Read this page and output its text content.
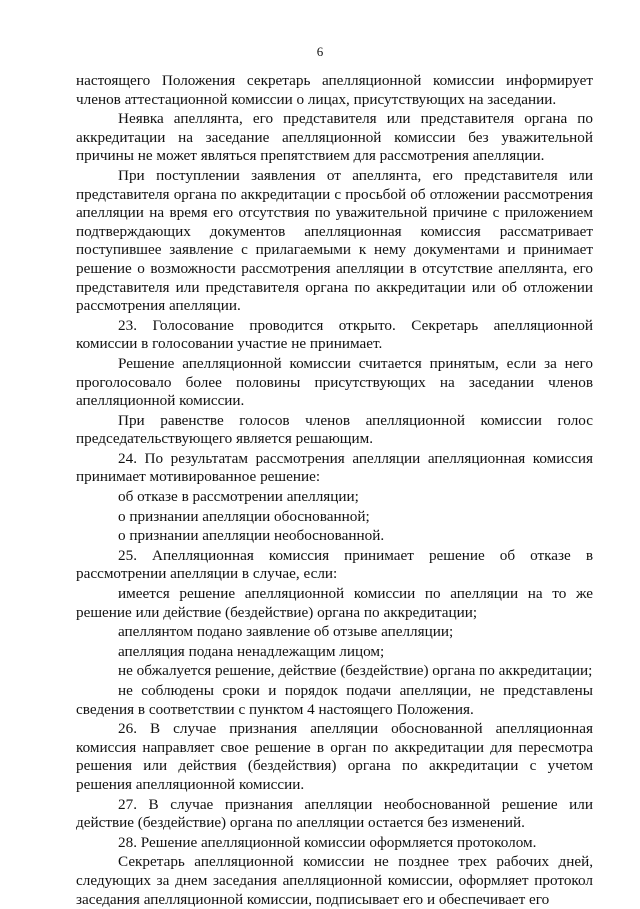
6

настоящего Положения секретарь апелляционной комиссии информирует членов аттестационной комиссии о лицах, присутствующих на заседании.

Неявка апеллянта, его представителя или представителя органа по аккредитации на заседание апелляционной комиссии без уважительной причины не может являться препятствием для рассмотрения апелляции.

При поступлении заявления от апеллянта, его представителя или представителя органа по аккредитации с просьбой об отложении рассмотрения апелляции на время его отсутствия по уважительной причине с приложением подтверждающих документов апелляционная комиссия рассматривает поступившее заявление с прилагаемыми к нему документами и принимает решение о возможности рассмотрения апелляции в отсутствие апеллянта, его представителя или представителя органа по аккредитации или об отложении рассмотрения апелляции.

23. Голосование проводится открыто. Секретарь апелляционной комиссии в голосовании участие не принимает.

Решение апелляционной комиссии считается принятым, если за него проголосовало более половины присутствующих на заседании членов апелляционной комиссии.

При равенстве голосов членов апелляционной комиссии голос председательствующего является решающим.

24. По результатам рассмотрения апелляции апелляционная комиссия принимает мотивированное решение:

об отказе в рассмотрении апелляции;

о признании апелляции обоснованной;

о признании апелляции необоснованной.

25. Апелляционная комиссия принимает решение об отказе в рассмотрении апелляции в случае, если:

имеется решение апелляционной комиссии по апелляции на то же решение или действие (бездействие) органа по аккредитации;

апеллянтом подано заявление об отзыве апелляции;

апелляция подана ненадлежащим лицом;

не обжалуется решение, действие (бездействие) органа по аккредитации;

не соблюдены сроки и порядок подачи апелляции, не представлены сведения в соответствии с пунктом 4 настоящего Положения.

26. В случае признания апелляции обоснованной апелляционная комиссия направляет свое решение в орган по аккредитации для пересмотра решения или действия (бездействия) органа по аккредитации с учетом решения апелляционной комиссии.

27. В случае признания апелляции необоснованной решение или действие (бездействие) органа по апелляции остается без изменений.

28. Решение апелляционной комиссии оформляется протоколом.

Секретарь апелляционной комиссии не позднее трех рабочих дней, следующих за днем заседания апелляционной комиссии, оформляет протокол заседания апелляционной комиссии, подписывает его и обеспечивает его
